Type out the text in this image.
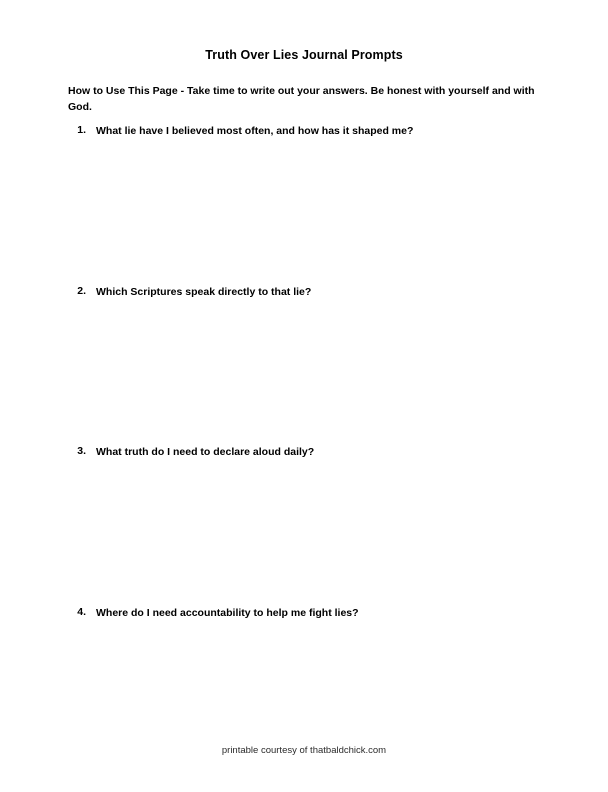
Truth Over Lies Journal Prompts
How to Use This Page - Take time to write out your answers. Be honest with yourself and with God.
1. What lie have I believed most often, and how has it shaped me?
2. Which Scriptures speak directly to that lie?
3. What truth do I need to declare aloud daily?
4. Where do I need accountability to help me fight lies?
printable courtesy of thatbaldchick.com
